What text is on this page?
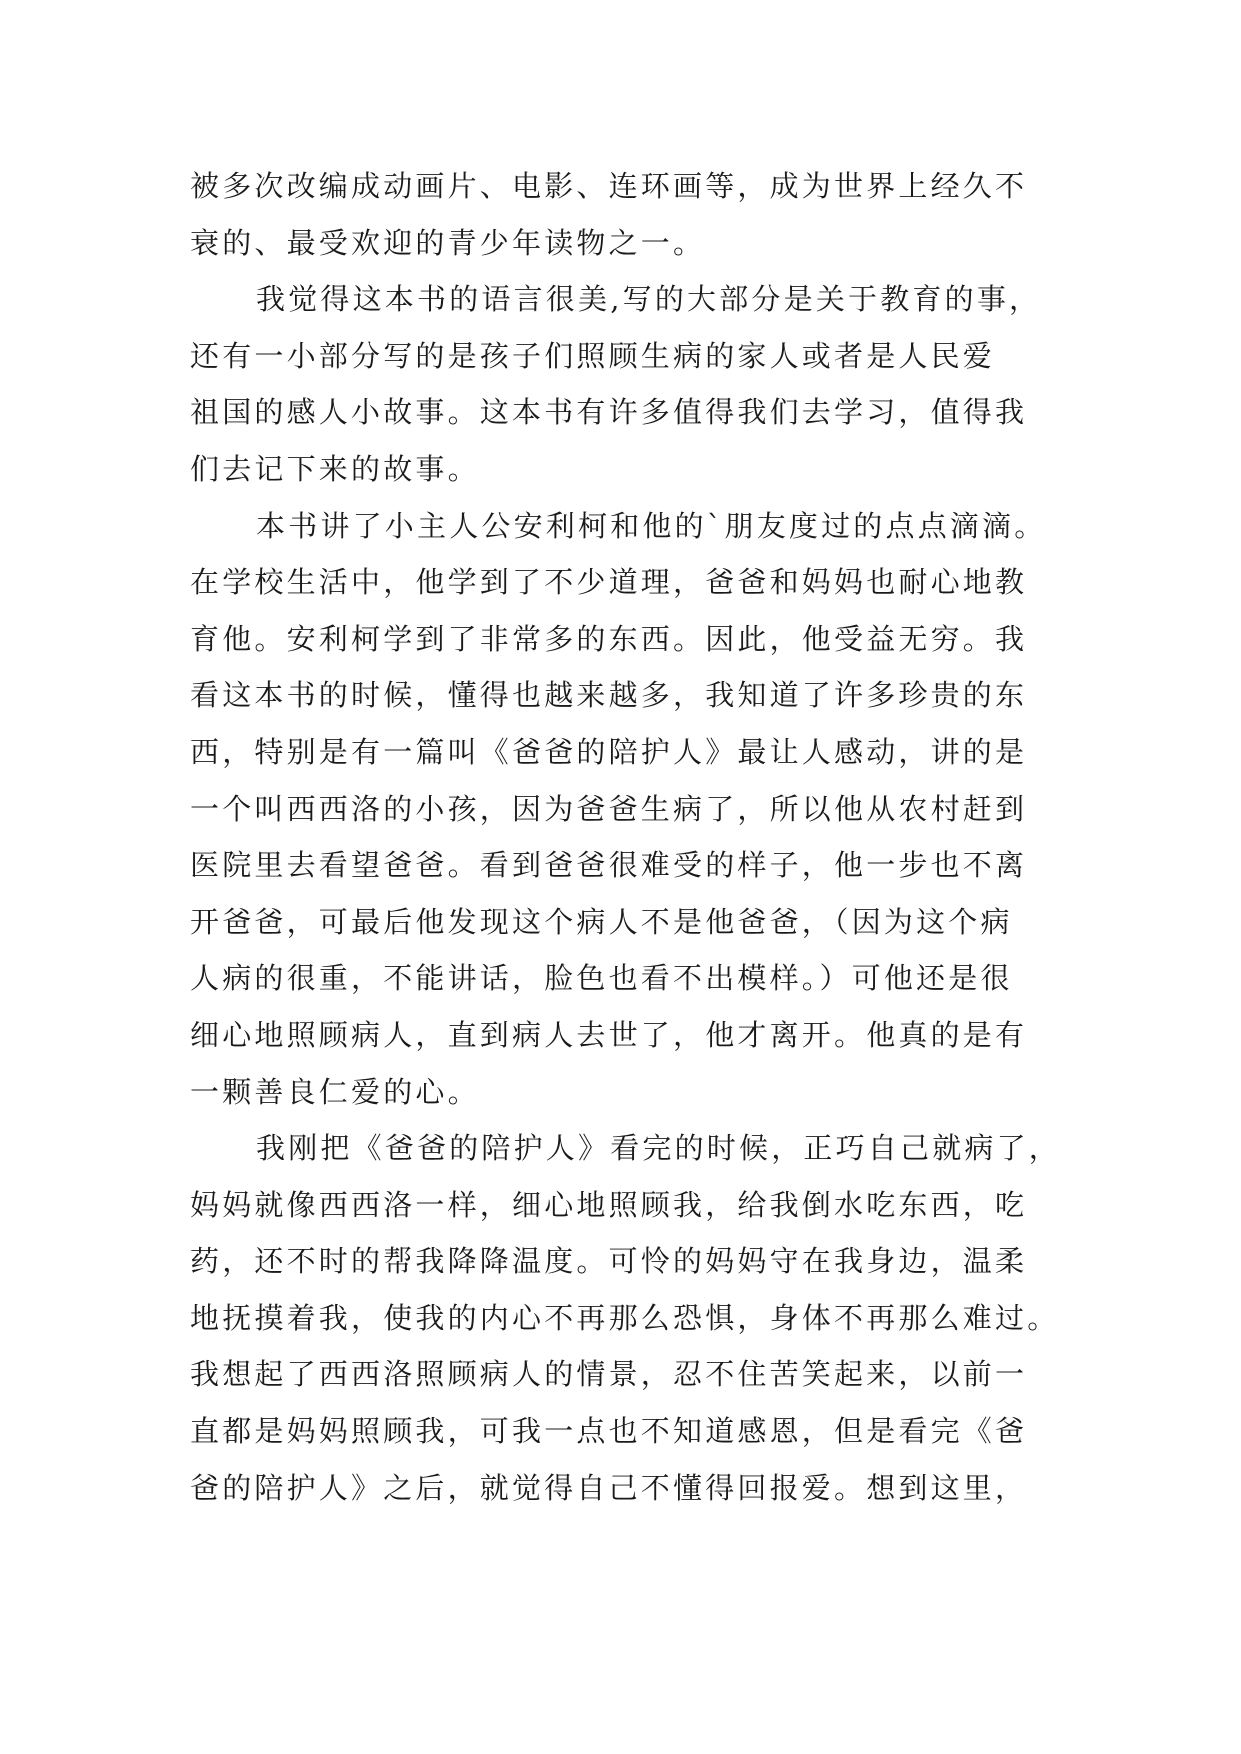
被多次改编成动画片、电影、连环画等，成为世界上经久不
衰的、最受欢迎的青少年读物之一。
我觉得这本书的语言很美,写的大部分是关于教育的事，
还有一小部分写的是孩子们照顾生病的家人或者是人民爱
祖国的感人小故事。这本书有许多值得我们去学习，值得我
们去记下来的故事。
本书讲了小主人公安利柯和他的`朋友度过的点点滴滴。
在学校生活中，他学到了不少道理，爸爸和妈妈也耐心地教
育他。安利柯学到了非常多的东西。因此，他受益无穷。我
看这本书的时候，懂得也越来越多，我知道了许多珍贵的东
西，特别是有一篇叫《爸爸的陪护人》最让人感动，讲的是
一个叫西西洛的小孩，因为爸爸生病了，所以他从农村赶到
医院里去看望爸爸。看到爸爸很难受的样子，他一步也不离
开爸爸，可最后他发现这个病人不是他爸爸，（因为这个病
人病的很重，不能讲话，脸色也看不出模样。）可他还是很
细心地照顾病人，直到病人去世了，他才离开。他真的是有
一颗善良仁爱的心。
我刚把《爸爸的陪护人》看完的时候，正巧自己就病了，
妈妈就像西西洛一样，细心地照顾我，给我倒水吃东西，吃
药，还不时的帮我降降温度。可怜的妈妈守在我身边，温柔
地抚摸着我，使我的内心不再那么恐惧，身体不再那么难过。
我想起了西西洛照顾病人的情景，忍不住苦笑起来，以前一
直都是妈妈照顾我，可我一点也不知道感恩，但是看完《爸
爸的陪护人》之后，就觉得自己不懂得回报爱。想到这里，
